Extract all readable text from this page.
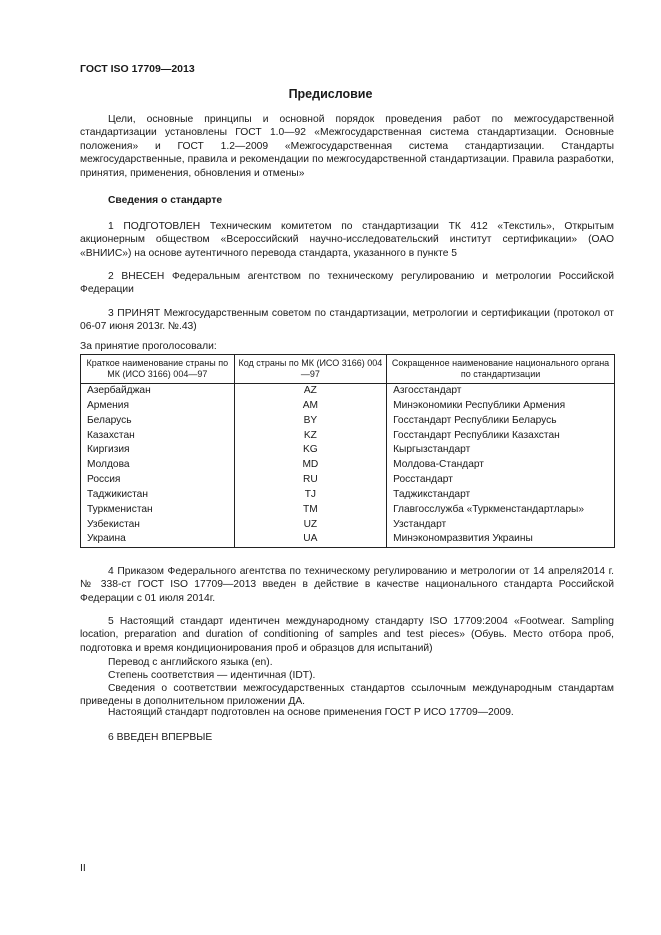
ГОСТ ISO 17709—2013
Предисловие

Цели, основные принципы и основной порядок проведения работ по межгосударственной стандартизации установлены ГОСТ 1.0—92 «Межгосударственная система стандартизации. Основные положения» и ГОСТ 1.2—2009 «Межгосударственная система стандартизации. Стандарты межгосударственные, правила и рекомендации по межгосударственной стандартизации. Правила разработки, принятия, применения, обновления и отмены»

Сведения о стандарте

1 ПОДГОТОВЛЕН Техническим комитетом по стандартизации ТК 412 «Текстиль», Открытым акционерным обществом «Всероссийский научно-исследовательский институт сертификации» (ОАО «ВНИИС») на основе аутентичного перевода стандарта, указанного в пункте 5

2 ВНЕСЕН Федеральным агентством по техническому регулированию и метрологии Российской Федерации

3 ПРИНЯТ Межгосударственным советом по стандартизации, метрологии и сертификации (протокол от 06-07 июня 2013г. №.43)

За принятие проголосовали:
Краткое наименование страны по МК (ИСО 3166) 004—97	Код страны по МК (ИСО 3166) 004—97	Сокращенное наименование национального органа по стандартизации
Азербайджан	AZ	Азгосстандарт
Армения	AM	Минэкономики Республики Армения
Беларусь	BY	Госстандарт Республики Беларусь
Казахстан	KZ	Госстандарт Республики Казахстан
Киргизия	KG	Кыргызстандарт
Молдова	MD	Молдова-Стандарт
Россия	RU	Росстандарт
Таджикистан	TJ	Таджикстандарт
Туркменистан	TM	Главгосслужба «Туркменстандартлары»
Узбекистан	UZ	Узстандарт
Украина	UA	Минэкономразвития Украины

4 Приказом Федерального агентства по техническому регулированию и метрологии от 14 апреля2014 г. № 338-ст ГОСТ ISO 17709—2013 введен в действие в качестве национального стандарта Российской Федерации с 01 июля 2014г.

5 Настоящий стандарт идентичен международному стандарту ISO 17709:2004 «Footwear. Sampling location, preparation and duration of conditioning of samples and test pieces» (Обувь. Место отбора проб, подготовка и время кондиционирования проб и образцов для испытаний)

Перевод с английского языка (en).

Степень соответствия — идентичная (IDT).

Сведения о соответствии межгосударственных стандартов ссылочным международным стандартам приведены в дополнительном приложении ДА.

Настоящий стандарт подготовлен на основе применения ГОСТ Р ИСО 17709—2009.

6 ВВЕДЕН ВПЕРВЫЕ

II
